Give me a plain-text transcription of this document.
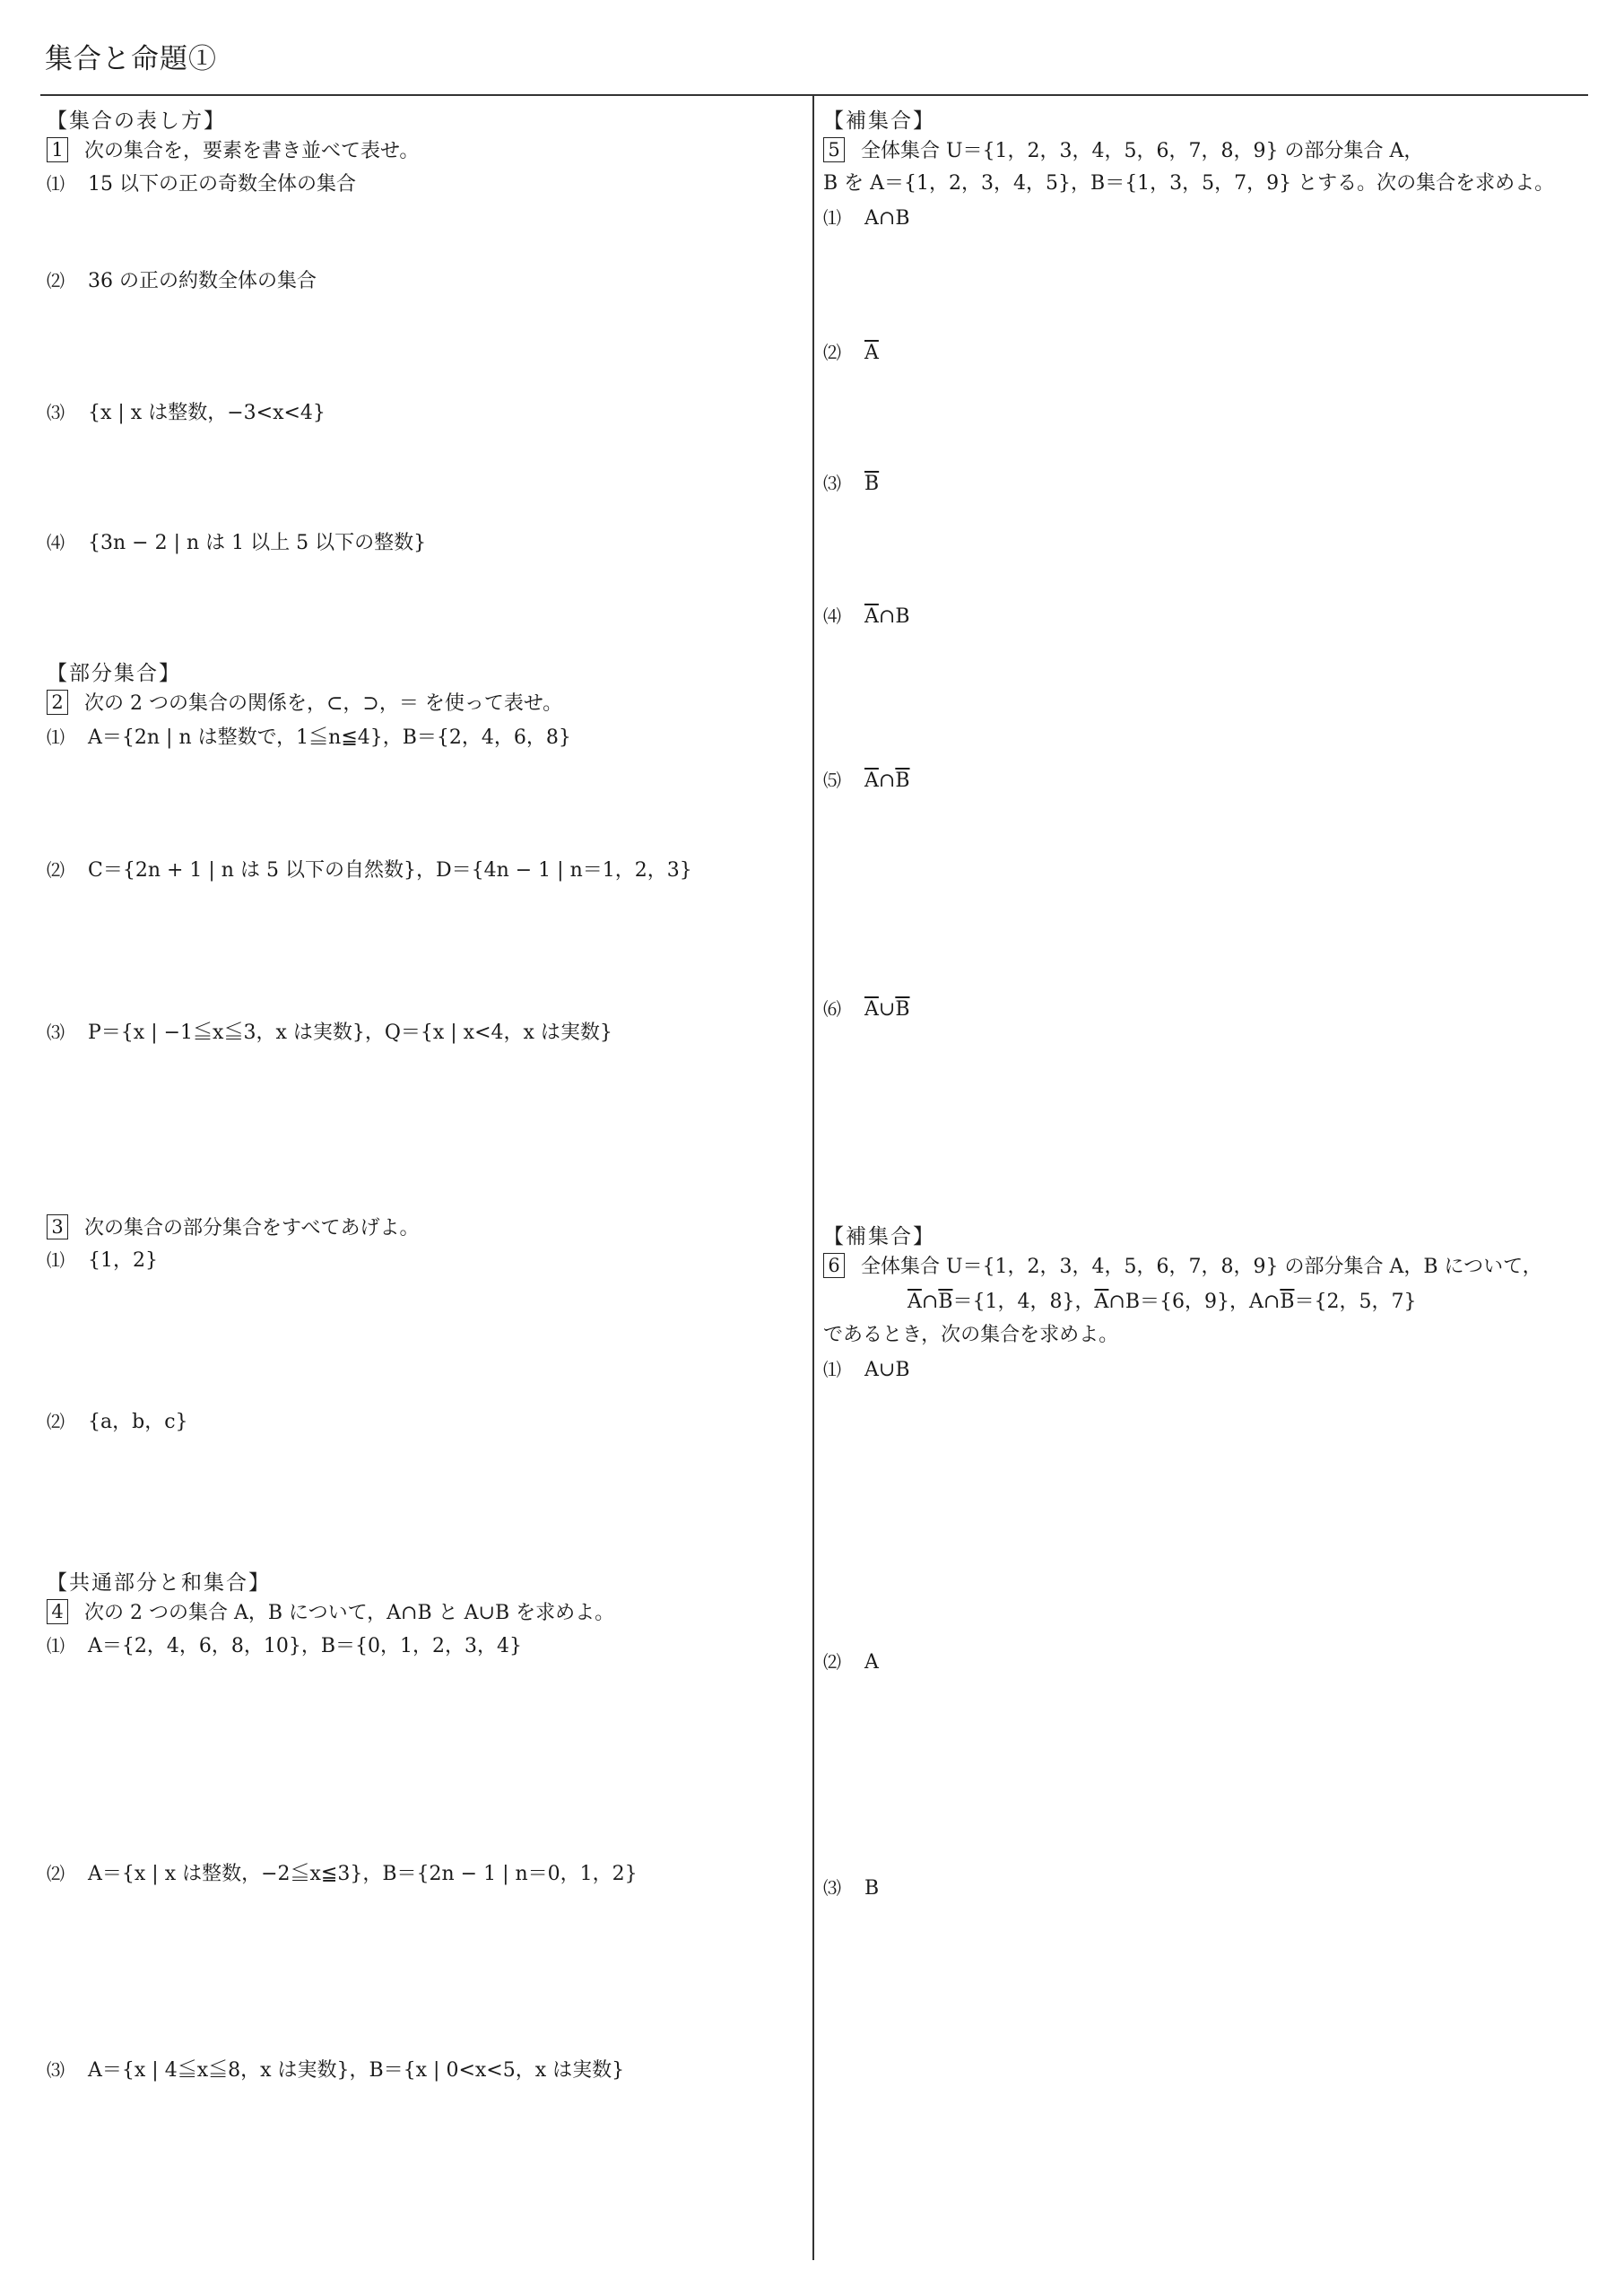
集合と命題①
【集合の表し方】
1 次の集合を，要素を書き並べて表せ。
⑴ 15 以下の正の奇数全体の集合
⑵ 36 の正の約数全体の集合
⑶ {x | x は整数，−3<x<4}
⑷ {3n − 2 | n は 1 以上 5 以下の整数}
【部分集合】
2 次の 2 つの集合の関係を，⊂，⊃，＝ を使って表せ。
⑴ A＝{2n | n は整数で，1≦n≦4}，B＝{2，4，6，8}
⑵ C＝{2n + 1 | n は 5 以下の自然数}，D＝{4n − 1 | n＝1，2，3}
⑶ P＝{x | −1≦x≦3，x は実数}，Q＝{x | x<4，x は実数}
3 次の集合の部分集合をすべてあげよ。
⑴ {1，2}
⑵ {a，b，c}
【共通部分と和集合】
4 次の 2 つの集合 A，B について，A∩B と A∪B を求めよ。
⑴ A＝{2，4，6，8，10}，B＝{0，1，2，3，4}
⑵ A＝{x | x は整数，−2≦x≦3}，B＝{2n − 1 | n＝0，1，2}
⑶ A＝{x | 4≦x≦8，x は実数}，B＝{x | 0<x<5，x は実数}
【補集合】
5 全体集合 U＝{1，2，3，4，5，6，7，8，9} の部分集合 A，
B を A＝{1，2，3，4，5}，B＝{1，3，5，7，9} とする。次の集合を求めよ。
⑴ A∩B
⑵ $\overline{A}$
⑶ $\overline{B}$
⑷ $\overline{A}\cap B$
⑸ $\overline{A}\cap\overline{B}$
⑹ $\overline{A}\cup\overline{B}$
【補集合】
6 全体集合 U＝{1，2，3，4，5，6，7，8，9} の部分集合 A，B について，
$\overline{A}\cap\overline{B}=\{1$，4，8}，$\overline{A}\cap B=\{6$，9}，$A\cap\overline{B}=\{2$，5，7}
であるとき，次の集合を求めよ。
⑴ A∪B
⑵ A
⑶ B
